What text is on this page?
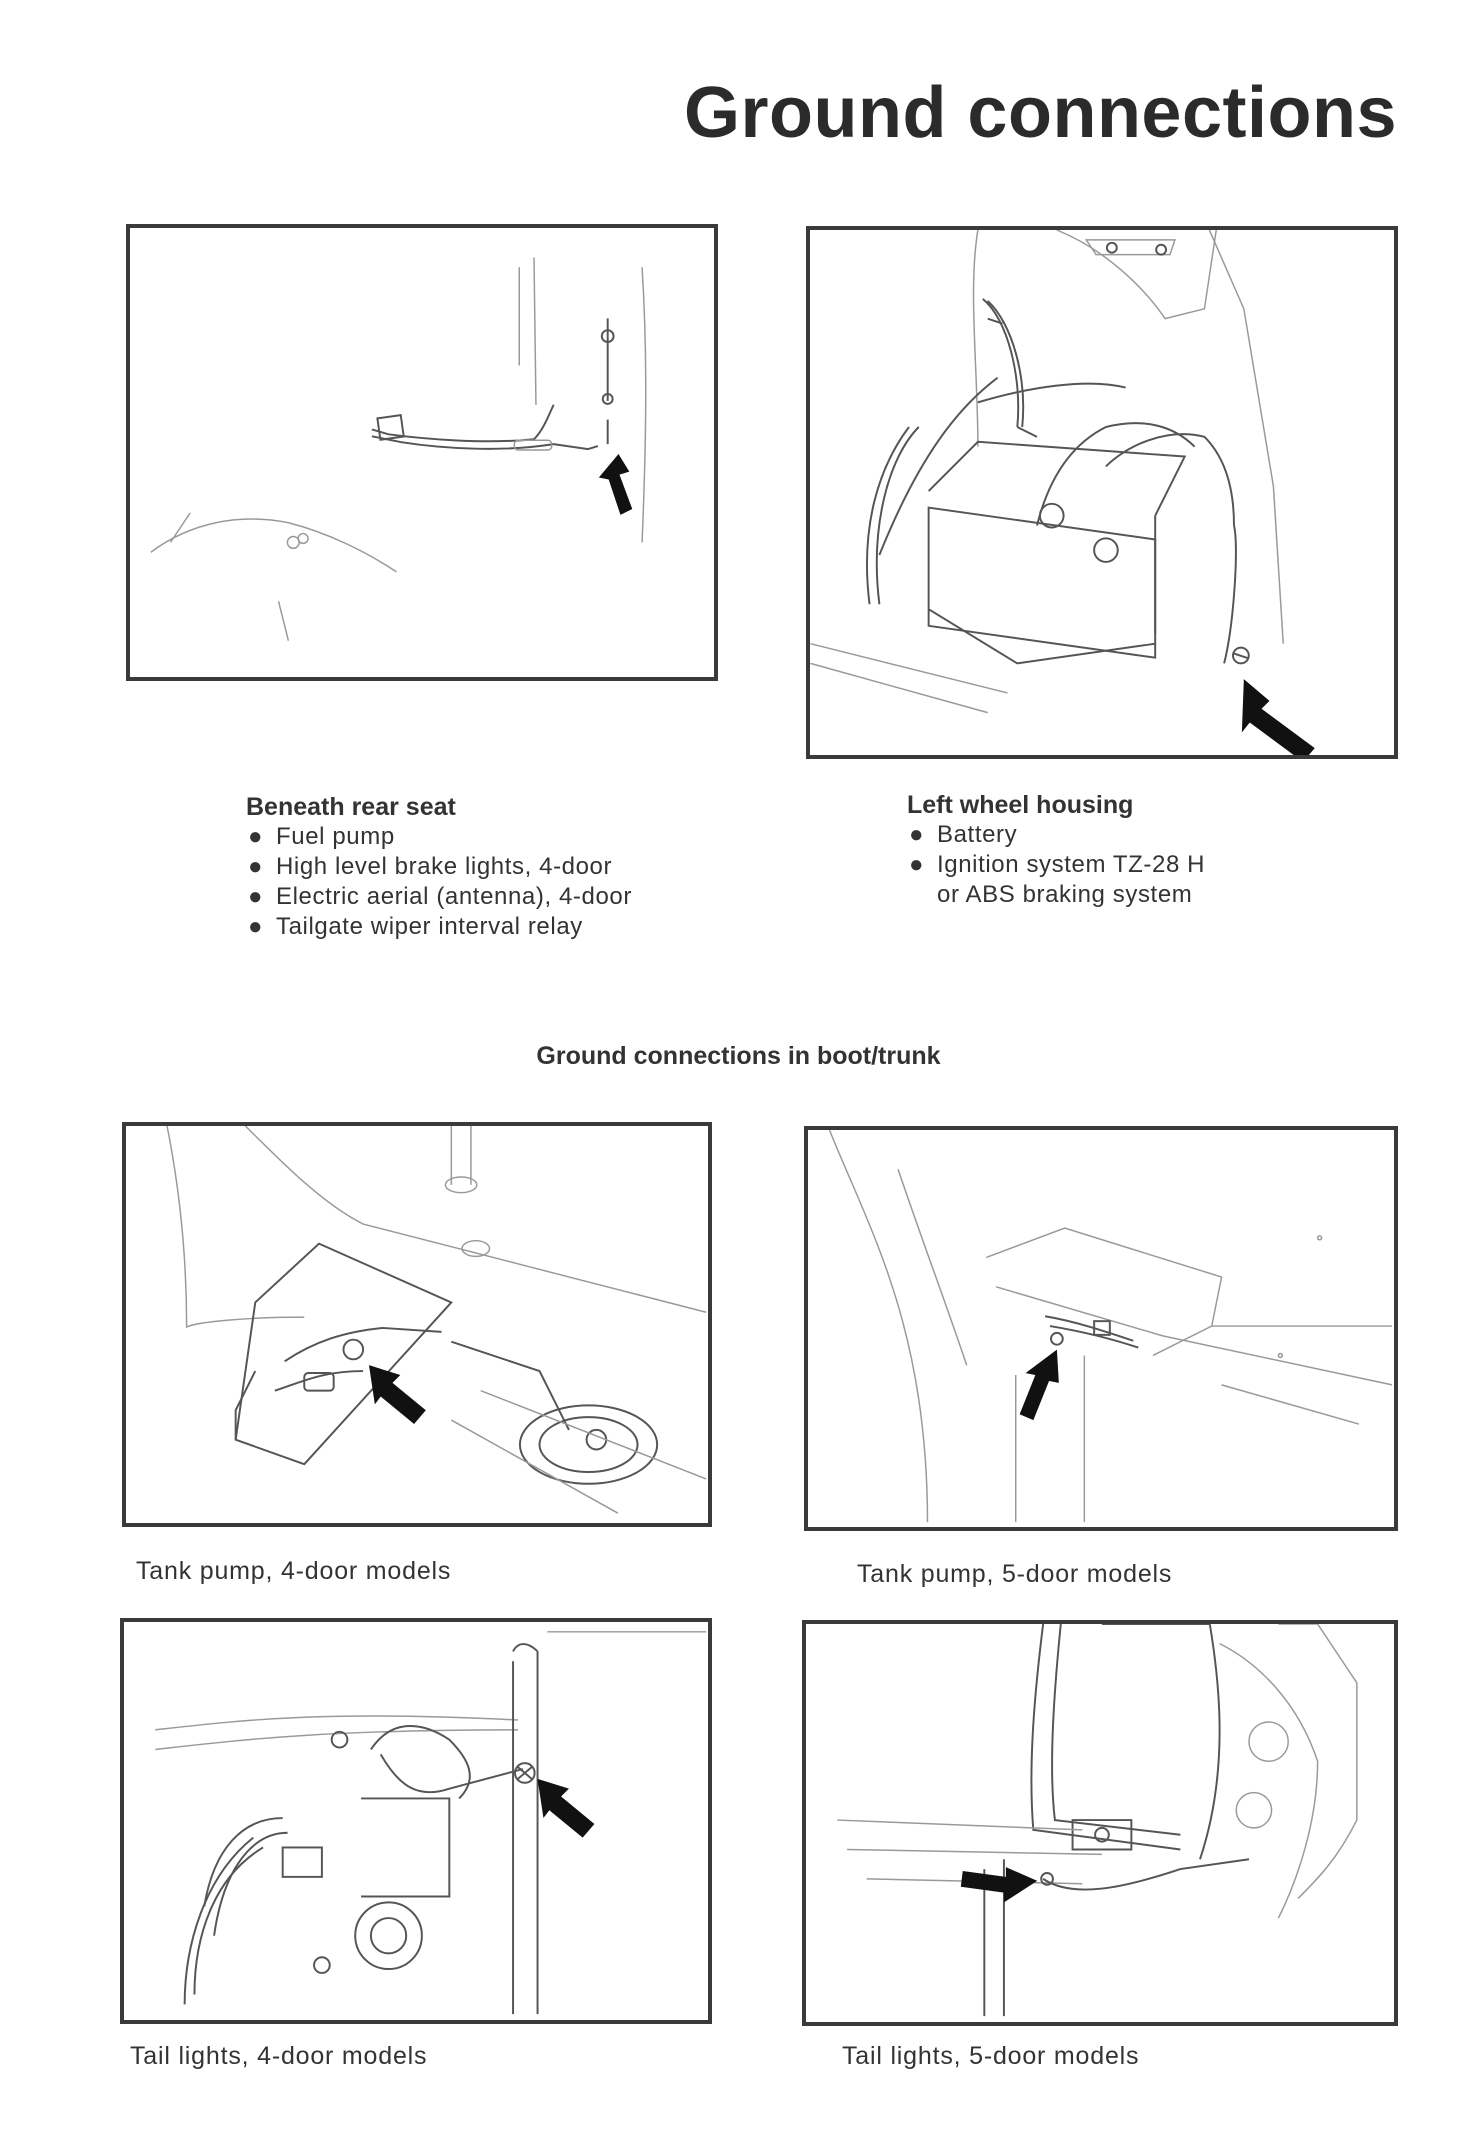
Ground connections
Beneath rear seat
● Fuel pump
● High level brake lights, 4-door
● Electric aerial (antenna), 4-door
● Tailgate wiper interval relay
Left wheel housing
● Battery
● Ignition system TZ-28 H
or ABS braking system
Ground connections in boot/trunk
Tank pump, 4-door models	Tank pump, 5-door models
Tail lights, 4-door models	Tail lights, 5-door models
